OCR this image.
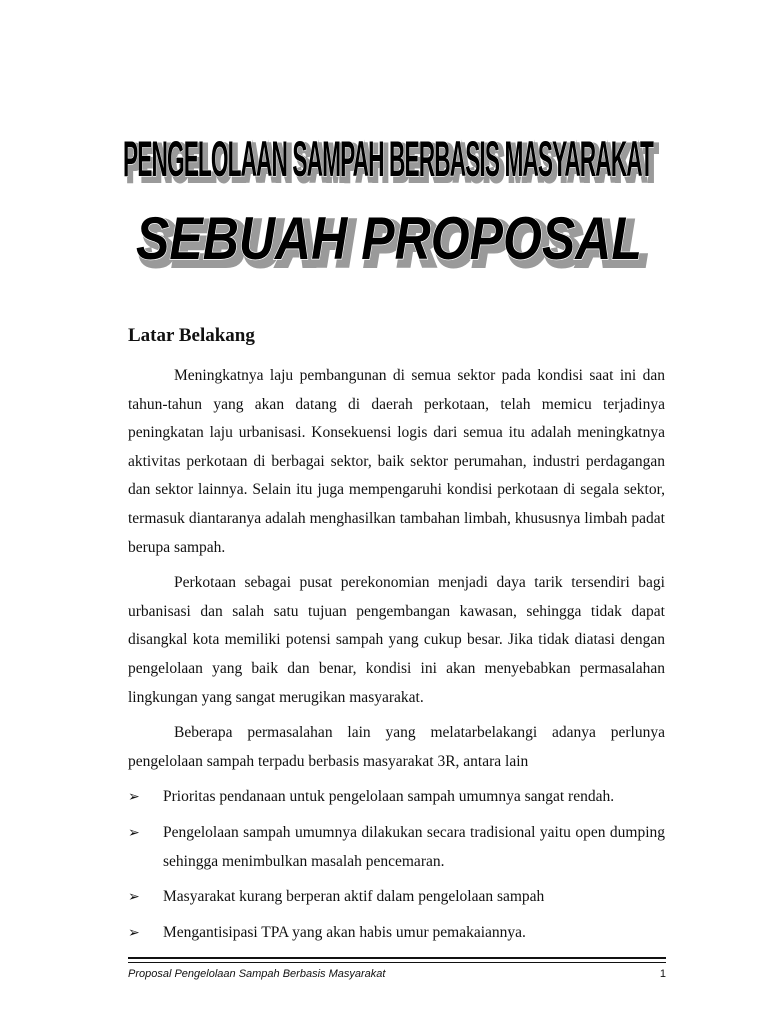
PENGELOLAAN SAMPAH BERBASIS MASYARAKAT
PENGELOLAAN SAMPAH BERBASIS MASYARAKAT
SEBUAH PROPOSAL
SEBUAH PROPOSAL
Latar Belakang

Meningkatnya laju pembangunan di semua sektor pada kondisi saat ini dan tahun-tahun yang akan datang di daerah perkotaan, telah memicu terjadinya peningkatan laju urbanisasi. Konsekuensi logis dari semua itu adalah meningkatnya aktivitas perkotaan di berbagai sektor, baik sektor perumahan, industri perdagangan dan sektor lainnya. Selain itu juga mempengaruhi kondisi perkotaan di segala sektor, termasuk diantaranya adalah menghasilkan tambahan limbah, khususnya limbah padat berupa sampah.

Perkotaan sebagai pusat perekonomian menjadi daya tarik tersendiri bagi urbanisasi dan salah satu tujuan pengembangan kawasan, sehingga tidak dapat disangkal kota memiliki potensi sampah yang cukup besar. Jika tidak diatasi dengan pengelolaan yang baik dan benar, kondisi ini akan menyebabkan permasalahan lingkungan yang sangat merugikan masyarakat.

Beberapa permasalahan lain yang melatarbelakangi adanya perlunya pengelolaan sampah terpadu berbasis masyarakat 3R, antara lain

➢ Prioritas pendanaan untuk pengelolaan sampah umumnya sangat rendah.
➢ Pengelolaan sampah umumnya dilakukan secara tradisional yaitu open dumping sehingga menimbulkan masalah pencemaran.
➢ Masyarakat kurang berperan aktif dalam pengelolaan sampah
➢ Mengantisipasi TPA yang akan habis umur pemakaiannya.
Proposal Pengelolaan Sampah Berbasis Masyarakat	1
